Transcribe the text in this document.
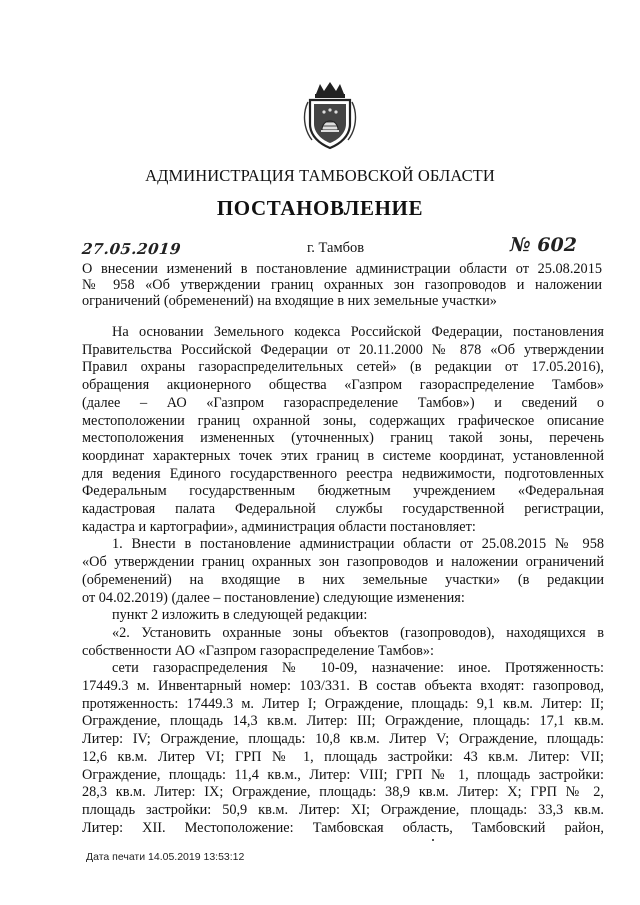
АДМИНИСТРАЦИЯ ТАМБОВСКОЙ ОБЛАСТИ
ПОСТАНОВЛЕНИЕ
27.05.2019	г. Тамбов	№ 602
О внесении изменений в постановление администрации области от 25.08.2015
№ 958 «Об утверждении границ охранных зон газопроводов и наложении
ограничений (обременений) на входящие в них земельные участки»
На основании Земельного кодекса Российской Федерации, постановления
Правительства Российской Федерации от 20.11.2000 № 878 «Об утверждении
Правил охраны газораспределительных сетей» (в редакции от 17.05.2016),
обращения акционерного общества «Газпром газораспределение Тамбов»
(далее – АО «Газпром газораспределение Тамбов») и сведений о
местоположении границ охранной зоны, содержащих графическое описание
местоположения измененных (уточненных) границ такой зоны, перечень
координат характерных точек этих границ в системе координат, установленной
для ведения Единого государственного реестра недвижимости, подготовленных
Федеральным государственным бюджетным учреждением «Федеральная
кадастровая палата Федеральной службы государственной регистрации,
кадастра и картографии», администрация области постановляет:
1. Внести в постановление администрации области от 25.08.2015 № 958
«Об утверждении границ охранных зон газопроводов и наложении ограничений
(обременений) на входящие в них земельные участки» (в редакции
от 04.02.2019) (далее – постановление) следующие изменения:
пункт 2 изложить в следующей редакции:
«2. Установить охранные зоны объектов (газопроводов), находящихся в
собственности АО «Газпром газораспределение Тамбов»:
сети газораспределения № 10-09, назначение: иное. Протяженность:
17449.3 м. Инвентарный номер: 103/331. В состав объекта входят: газопровод,
протяженность: 17449.3 м. Литер I; Ограждение, площадь: 9,1 кв.м. Литер: II;
Ограждение, площадь 14,3 кв.м. Литер: III; Ограждение, площадь: 17,1 кв.м.
Литер: IV; Ограждение, площадь: 10,8 кв.м. Литер V; Ограждение, площадь:
12,6 кв.м. Литер VI; ГРП № 1, площадь застройки: 43 кв.м. Литер: VII;
Ограждение, площадь: 11,4 кв.м., Литер: VIII; ГРП № 1, площадь застройки:
28,3 кв.м. Литер: IX; Ограждение, площадь: 38,9 кв.м. Литер: X; ГРП № 2,
площадь застройки: 50,9 кв.м. Литер: XI; Ограждение, площадь: 33,3 кв.м.
Литер: XII. Местоположение: Тамбовская область, Тамбовский район,
Дата печати 14.05.2019 13:53:12
